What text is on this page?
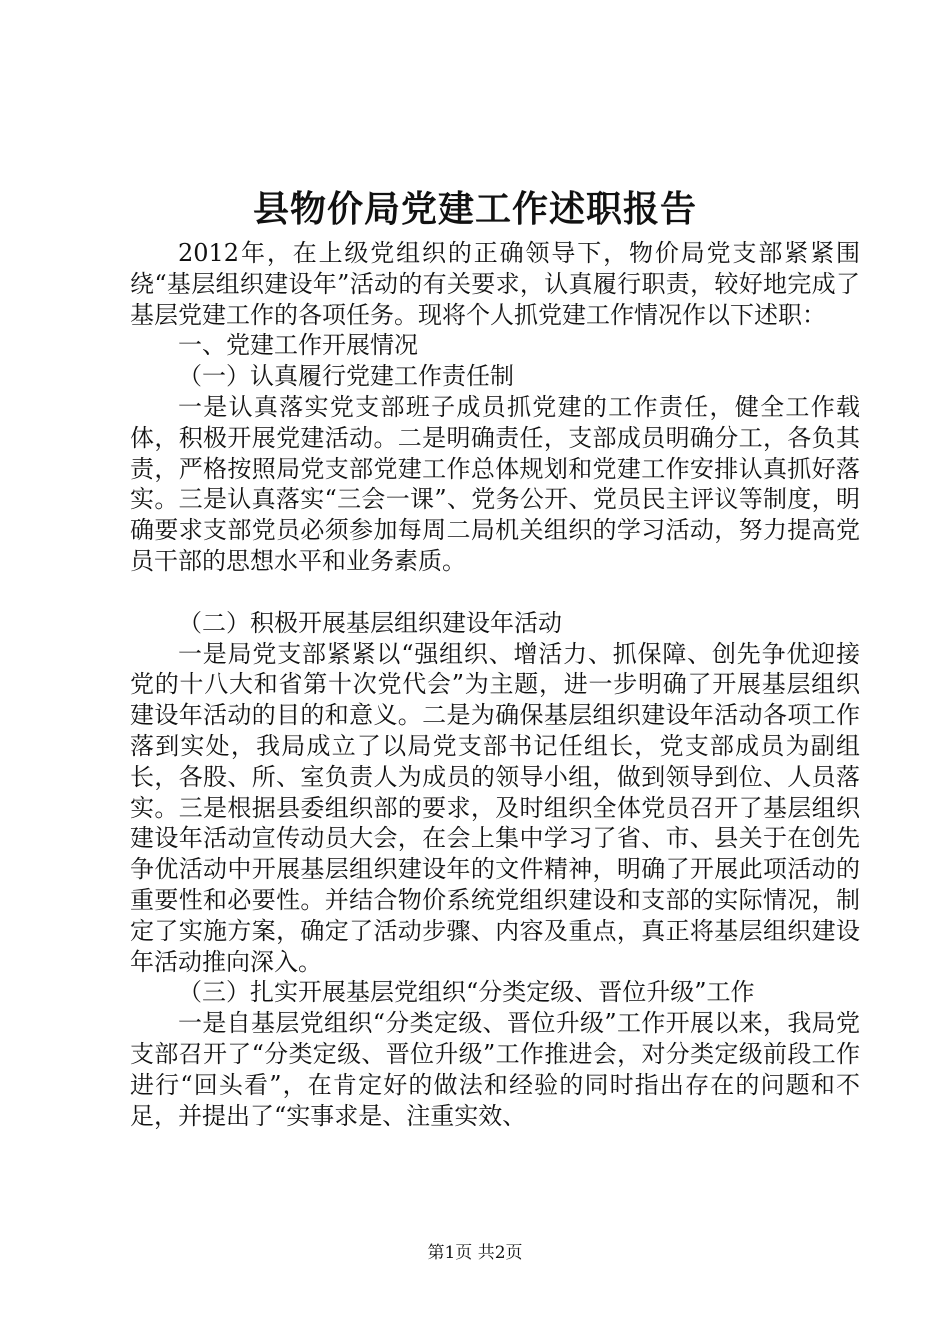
县物价局党建工作述职报告

2012年，在上级党组织的正确领导下，物价局党支部紧紧围绕“基层组织建设年”活动的有关要求，认真履行职责，较好地完成了基层党建工作的各项任务。现将个人抓党建工作情况作以下述职：

一、党建工作开展情况

（一）认真履行党建工作责任制

一是认真落实党支部班子成员抓党建的工作责任，健全工作载体，积极开展党建活动。二是明确责任，支部成员明确分工，各负其责，严格按照局党支部党建工作总体规划和党建工作安排认真抓好落实。三是认真落实“三会一课”、党务公开、党员民主评议等制度，明确要求支部党员必须参加每周二局机关组织的学习活动，努力提高党员干部的思想水平和业务素质。

（二）积极开展基层组织建设年活动

一是局党支部紧紧以“强组织、增活力、抓保障、创先争优迎接党的十八大和省第十次党代会”为主题，进一步明确了开展基层组织建设年活动的目的和意义。二是为确保基层组织建设年活动各项工作落到实处，我局成立了以局党支部书记任组长，党支部成员为副组长，各股、所、室负责人为成员的领导小组，做到领导到位、人员落实。三是根据县委组织部的要求，及时组织全体党员召开了基层组织建设年活动宣传动员大会，在会上集中学习了省、市、县关于在创先争优活动中开展基层组织建设年的文件精神，明确了开展此项活动的重要性和必要性。并结合物价系统党组织建设和支部的实际情况，制定了实施方案，确定了活动步骤、内容及重点，真正将基层组织建设年活动推向深入。

（三）扎实开展基层党组织“分类定级、晋位升级”工作

一是自基层党组织“分类定级、晋位升级”工作开展以来，我局党支部召开了“分类定级、晋位升级”工作推进会，对分类定级前段工作进行“回头看”，在肯定好的做法和经验的同时指出存在的问题和不足，并提出了“实事求是、注重实效、

第1页 共2页
